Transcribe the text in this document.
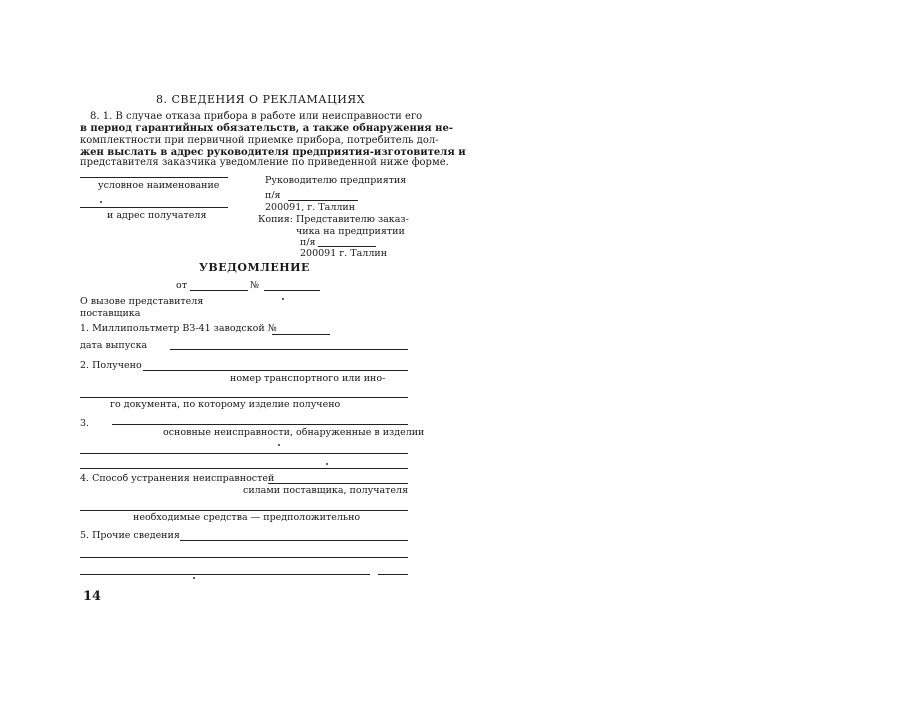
8. СВЕДЕНИЯ О РЕКЛАМАЦИЯХ
8. 1. В случае отказа прибора в работе или неисправности его
в период гарантийных обязательств, а также обнаружения не-
комплектности при первичной приемке прибора, потребитель дол-
жен выслать в адрес руководителя предприятия-изготовителя и
представителя заказчика уведомление по приведенной ниже форме.
условное наименование
и адрес получателя
Руководителю предприятия
п/я
200091, г. Таллин
Копия: Представителю заказ-
чика на предприятии
п/я
200091 г. Таллин
УВЕДОМЛЕНИЕ
от	№
О вызове представителя
поставщика
1. Миллипольтметр ВЗ-41 заводской №
дата выпуска
2. Получено
номер транспортного или ино-
го документа, по которому изделие получено
3.
основные неисправности, обнаруженные в изделии
4. Способ устранения неисправностей
силами поставщика, получателя
необходимые средства — предположительно
5. Прочие сведения
14
